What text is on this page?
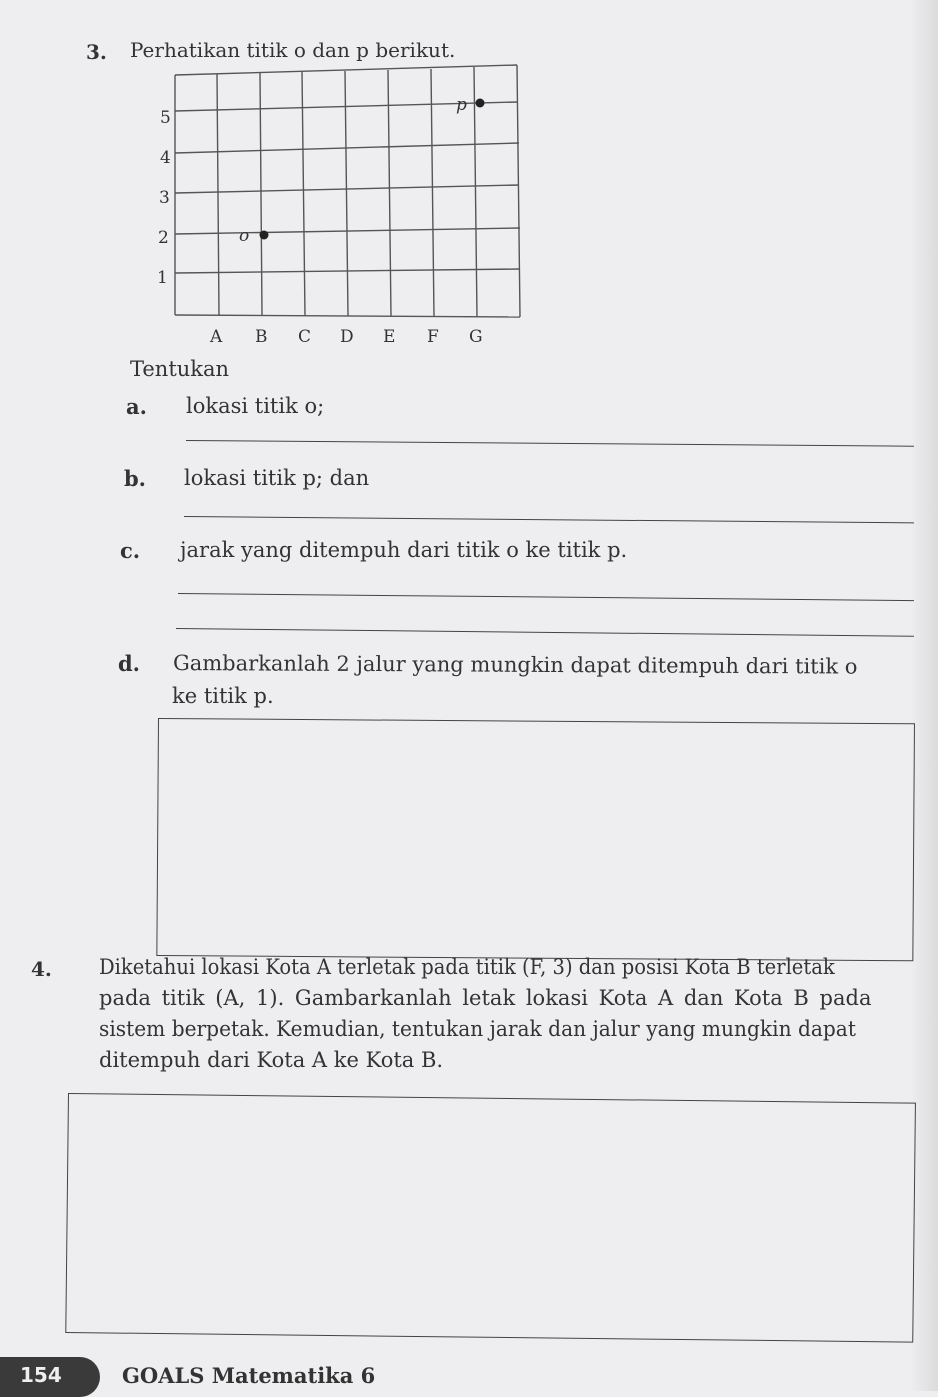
3. Perhatikan titik o dan p berikut.
5
4
3
2
1
A B C D E F G
o
p
Tentukan
a. lokasi titik o;
b. lokasi titik p; dan
c. jarak yang ditempuh dari titik o ke titik p.
d. Gambarkanlah 2 jalur yang mungkin dapat ditempuh dari titik o
ke titik p.
4. Diketahui lokasi Kota A terletak pada titik (F, 3) dan posisi Kota B terletak

pada titik (A, 1). Gambarkanlah letak lokasi Kota A dan Kota B pada

sistem berpetak. Kemudian, tentukan jarak dan jalur yang mungkin dapat

ditempuh dari Kota A ke Kota B.

154	GOALS Matematika 6
